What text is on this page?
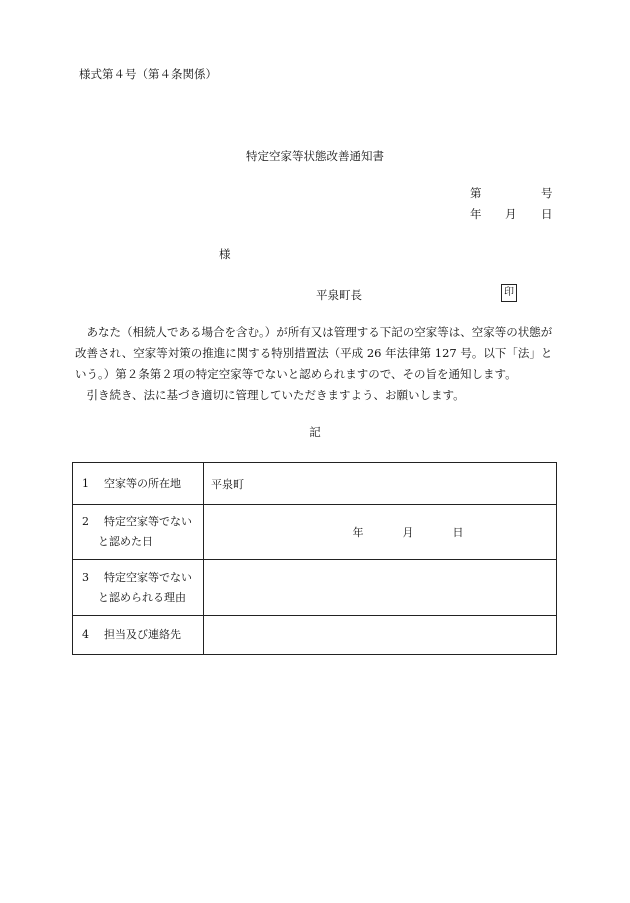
様式第４号（第４条関係）
特定空家等状態改善通知書
第	号
年 月 日
様
平泉町長	印

あなた（相続人である場合を含む。）が所有又は管理する下記の空家等は、空家等の状態が改善され、空家等対策の推進に関する特別措置法（平成 26 年法律第 127 号。以下「法」という。）第２条第２項の特定空家等でないと認められますので、その旨を通知します。

引き続き、法に基づき適切に管理していただきますよう、お願いします。

記
1 空家等の所在地	平泉町
2 特定空家等でない
と認めた日	年 月 日
3 特定空家等でない
と認められる理由	

4 担当及び連絡先	
